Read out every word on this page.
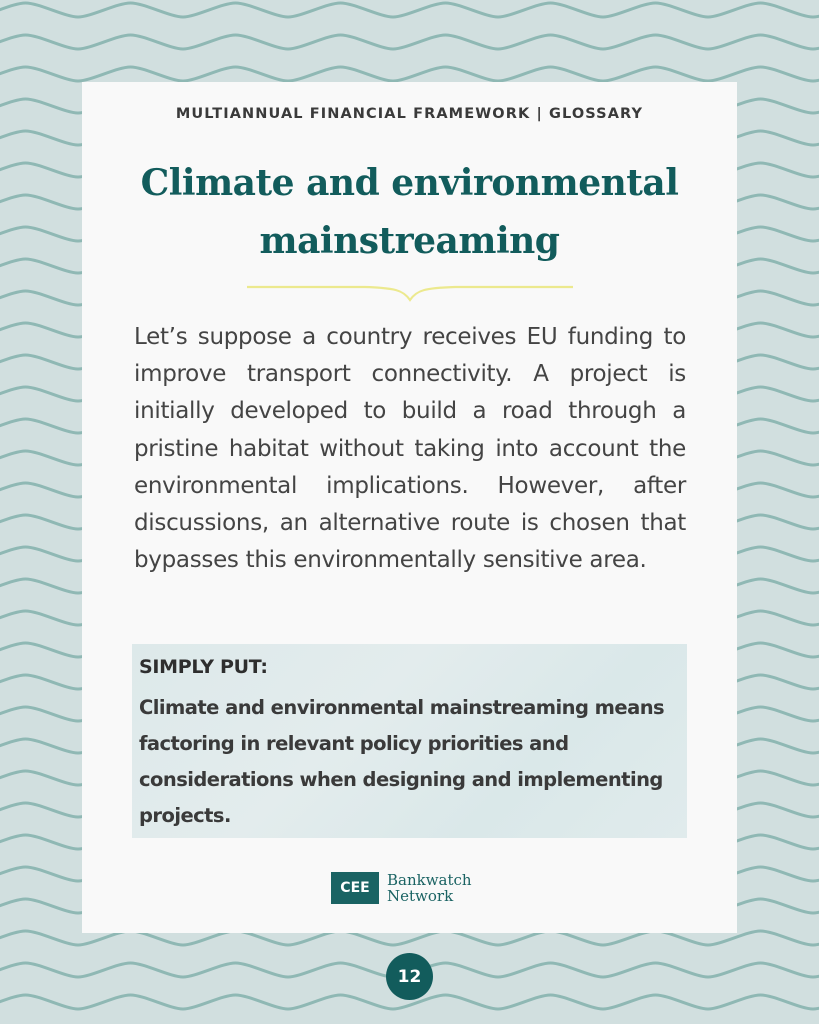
MULTIANNUAL FINANCIAL FRAMEWORK | GLOSSARY
Climate and environmental
mainstreaming
Let’s suppose a country receives EU funding to improve transport connectivity. A project is initially developed to build a road through a pristine habitat without taking into account the environmental implications. However, after discussions, an alternative route is chosen that bypasses this environmentally sensitive area.
SIMPLY PUT:
Climate and environmental mainstreaming means factoring in relevant policy priorities and considerations when designing and implementing projects.
CEE	Bankwatch
Network
12
